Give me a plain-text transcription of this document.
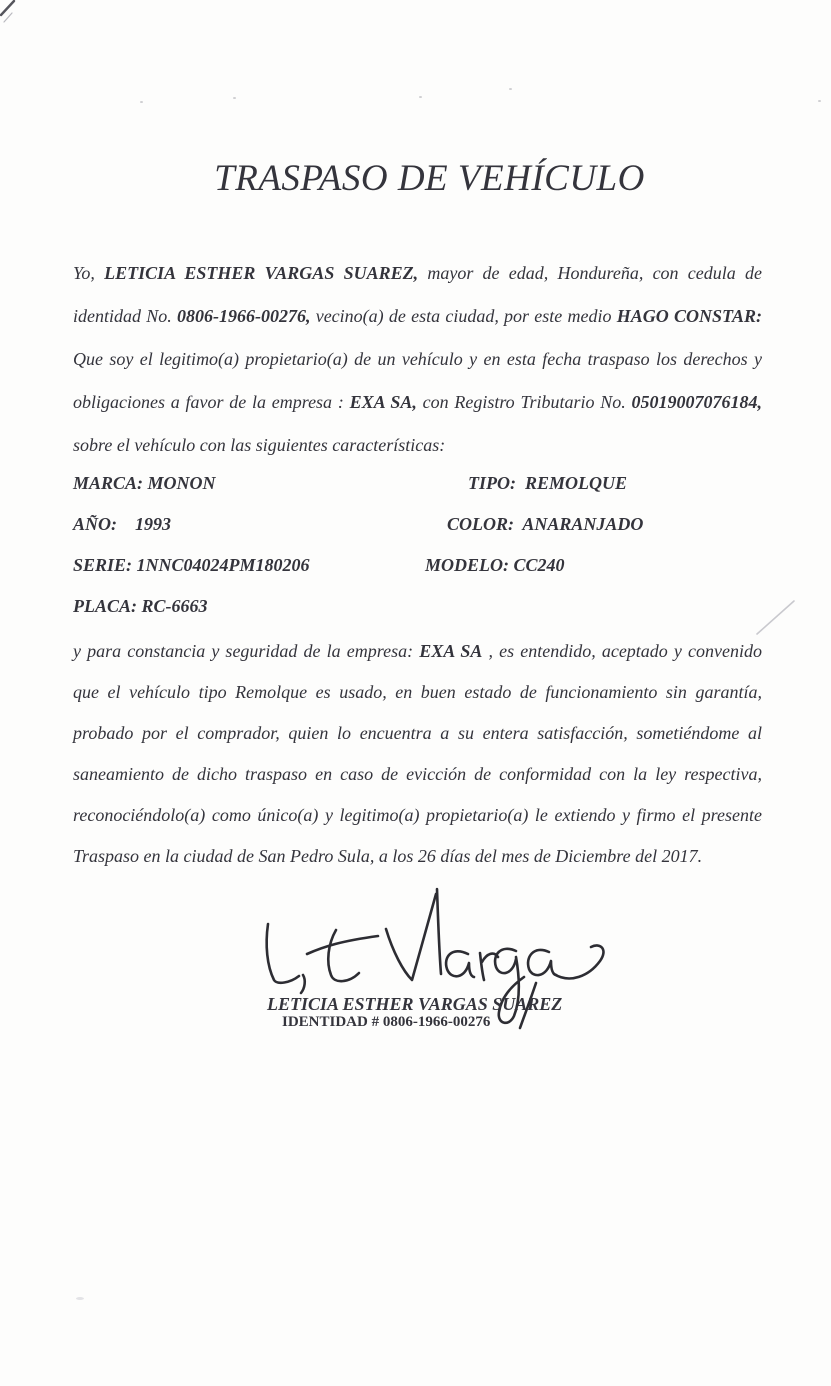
TRASPASO DE VEHÍCULO
Yo, LETICIA ESTHER VARGAS SUAREZ, mayor de edad, Hondureña, con cedula de
identidad No. 0806-1966-00276, vecino(a) de esta ciudad, por este medio HAGO CONSTAR:
Que soy el legitimo(a) propietario(a) de un vehículo y en esta fecha traspaso los derechos y
obligaciones a favor de la empresa : EXA SA, con Registro Tributario No. 05019007076184,
sobre el vehículo con las siguientes características:
MARCA: MONON	TIPO:  REMOLQUE
AÑO:    1993	COLOR:  ANARANJADO
SERIE: 1NNC04024PM180206	MODELO: CC240
PLACA: RC-6663
y para constancia y seguridad de la empresa: EXA SA , es entendido, aceptado y convenido
que el vehículo tipo Remolque es usado, en buen estado de funcionamiento sin garantía,
probado por el comprador, quien lo encuentra a su entera satisfacción, sometiéndome al
saneamiento de dicho traspaso en caso de evicción de conformidad con la ley respectiva,
reconociéndolo(a) como único(a) y legitimo(a) propietario(a) le extiendo y firmo el presente
Traspaso en la ciudad de San Pedro Sula, a los 26 días del mes de Diciembre del 2017.
LETICIA ESTHER VARGAS SUAREZ
IDENTIDAD # 0806-1966-00276
